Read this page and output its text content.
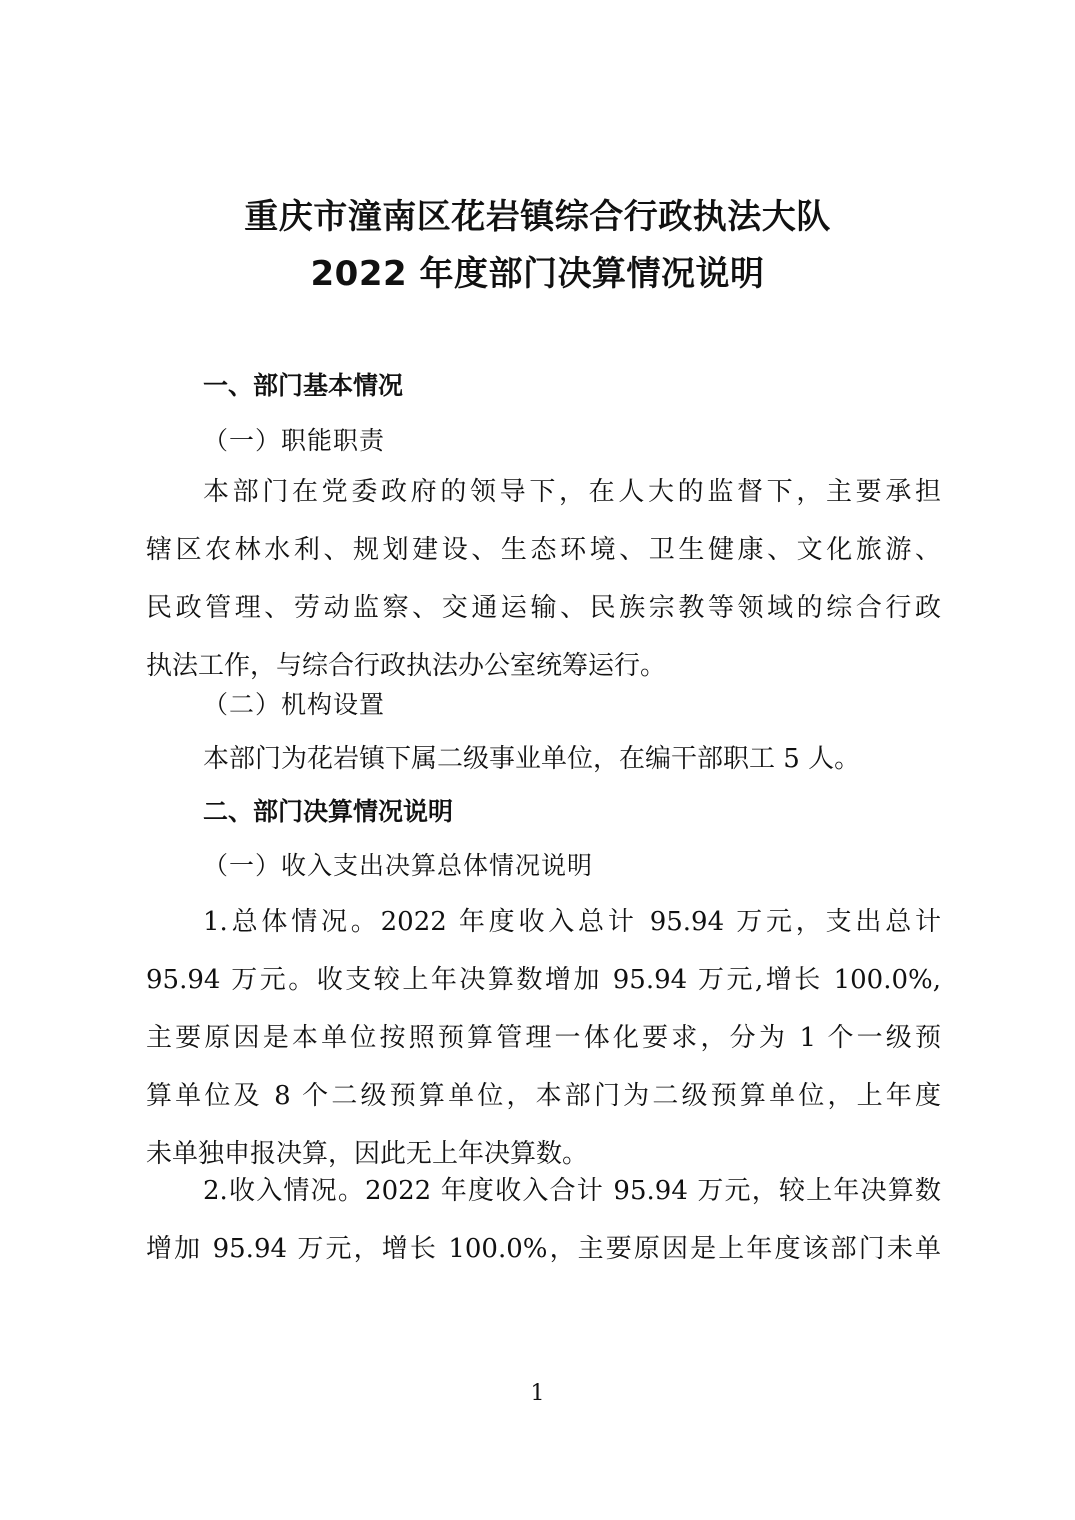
重庆市潼南区花岩镇综合行政执法大队
2022 年度部门决算情况说明
一、部门基本情况
（一）职能职责
本部门在党委政府的领导下，在人大的监督下，主要承担
辖区农林水利、规划建设、生态环境、卫生健康、文化旅游、
民政管理、劳动监察、交通运输、民族宗教等领域的综合行政
执法工作，与综合行政执法办公室统筹运行。
（二）机构设置
本部门为花岩镇下属二级事业单位，在编干部职工 5 人。
二、部门决算情况说明
（一）收入支出决算总体情况说明
1.总体情况。2022 年度收入总计 95.94 万元，支出总计
95.94 万元。收支较上年决算数增加 95.94 万元,增长 100.0%,
主要原因是本单位按照预算管理一体化要求，分为 1 个一级预
算单位及 8 个二级预算单位，本部门为二级预算单位，上年度
未单独申报决算，因此无上年决算数。
2.收入情况。2022 年度收入合计 95.94 万元，较上年决算数
增加 95.94 万元，增长 100.0%，主要原因是上年度该部门未单
1
